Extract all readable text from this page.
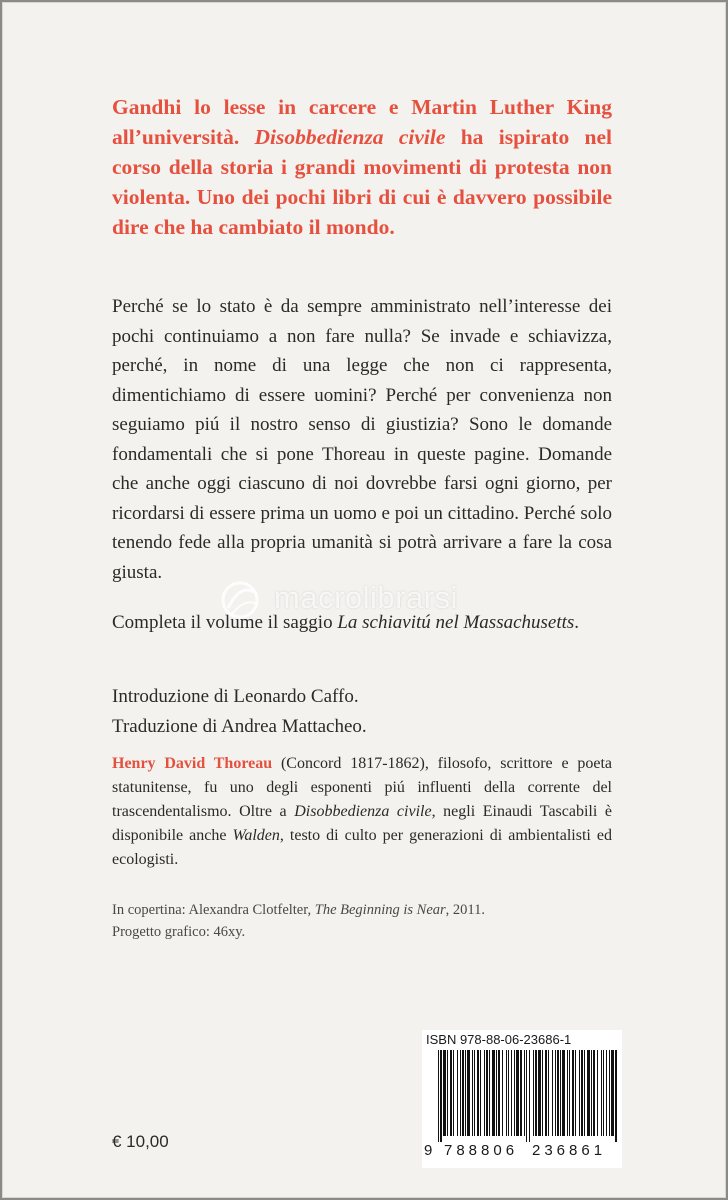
Gandhi lo lesse in carcere e Martin Luther King all’università. Disobbedienza civile ha ispirato nel corso della storia i grandi movimenti di protesta non violenta. Uno dei pochi libri di cui è davvero possibile dire che ha cambiato il mondo.

Perché se lo stato è da sempre amministrato nell’interesse dei pochi continuiamo a non fare nulla? Se invade e schiavizza, perché, in nome di una legge che non ci rappresenta, dimentichiamo di essere uomini? Perché per convenienza non seguiamo piú il nostro senso di giustizia? Sono le domande fondamentali che si pone Thoreau in queste pagine. Domande che anche oggi ciascuno di noi dovrebbe farsi ogni giorno, per ricordarsi di essere prima un uomo e poi un cittadino. Perché solo tenendo fede alla propria umanità si potrà arrivare a fare la cosa giusta.

Completa il volume il saggio La schiavitú nel Massachusetts.

Introduzione di Leonardo Caffo.
Traduzione di Andrea Mattacheo.

Henry David Thoreau (Concord 1817-1862), filosofo, scrittore e poeta statunitense, fu uno degli esponenti piú influenti della corrente del trascendentalismo. Oltre a Disobbedienza civile, negli Einaudi Tascabili è disponibile anche Walden, testo di culto per generazioni di ambientalisti ed ecologisti.

In copertina: Alexandra Clotfelter, The Beginning is Near, 2011.
Progetto grafico: 46xy.

macrolibrarsi

€ 10,00

ISBN 978-88-06-23686-1
9 788806 236861
